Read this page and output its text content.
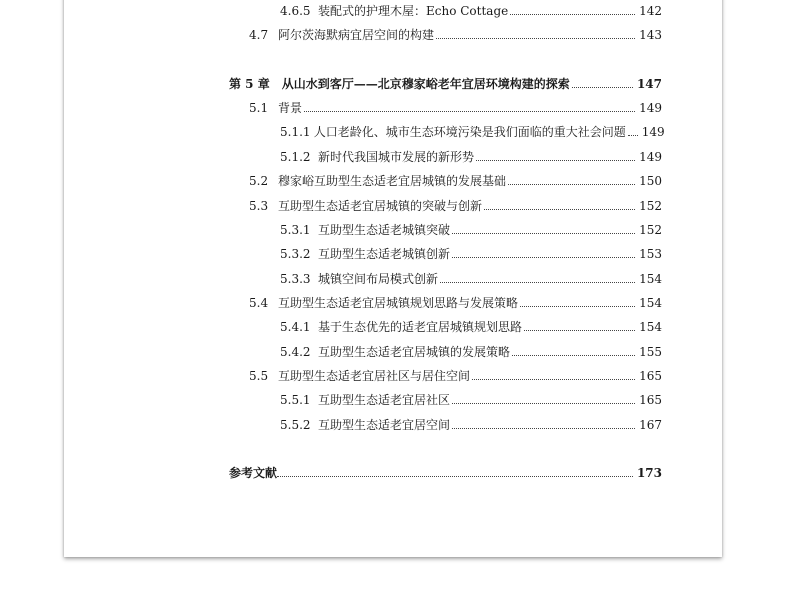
4.6.5 装配式的护理木屋：Echo Cottage	142
4.7 阿尔茨海默病宜居空间的构建	143
第 5 章 从山水到客厅——北京穆家峪老年宜居环境构建的探索	147
5.1 背景	149
5.1.1 人口老龄化、城市生态环境污染是我们面临的重大社会问题 149
5.1.2 新时代我国城市发展的新形势	149
5.2 穆家峪互助型生态适老宜居城镇的发展基础	150
5.3 互助型生态适老宜居城镇的突破与创新	152
5.3.1 互助型生态适老城镇突破	152
5.3.2 互助型生态适老城镇创新	153
5.3.3 城镇空间布局模式创新	154
5.4 互助型生态适老宜居城镇规划思路与发展策略	154
5.4.1 基于生态优先的适老宜居城镇规划思路	154
5.4.2 互助型生态适老宜居城镇的发展策略	155
5.5 互助型生态适老宜居社区与居住空间	165
5.5.1 互助型生态适老宜居社区	165
5.5.2 互助型生态适老宜居空间	167
参考文献	173
